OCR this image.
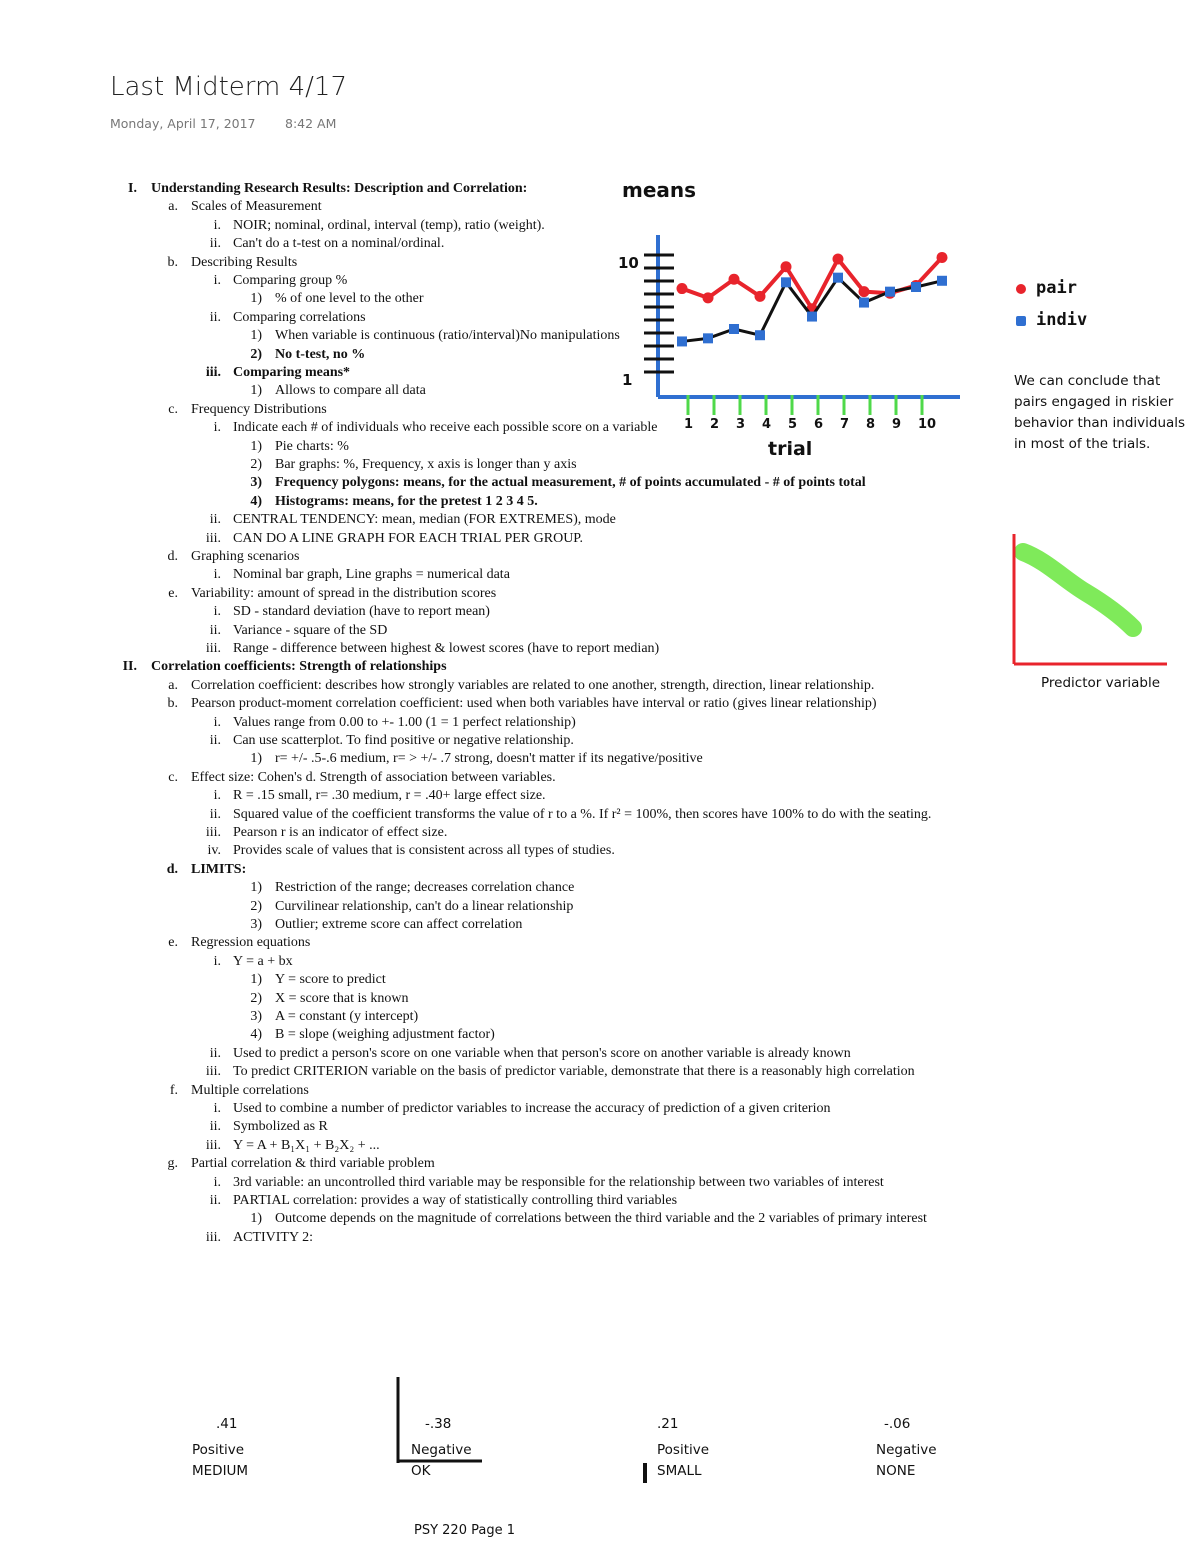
Last Midterm 4/17
Monday, April 17, 2017 8:42 AM
I. Understanding Research Results: Description and Correlation:
a. Scales of Measurement
i. NOIR; nominal, ordinal, interval (temp), ratio (weight).
ii. Can't do a t-test on a nominal/ordinal.
b. Describing Results
i. Comparing group %
1) % of one level to the other
ii. Comparing correlations
1) When variable is continuous (ratio/interval)No manipulations
2) No t-test, no %
iii. Comparing means*
1) Allows to compare all data
c. Frequency Distributions
i. Indicate each # of individuals who receive each possible score on a variable
1) Pie charts: %
2) Bar graphs: %, Frequency, x axis is longer than y axis
3) Frequency polygons: means, for the actual measurement, # of points accumulated - # of points total
4) Histograms: means, for the pretest 1 2 3 4 5.
ii. CENTRAL TENDENCY: mean, median (FOR EXTREMES), mode
iii. CAN DO A LINE GRAPH FOR EACH TRIAL PER GROUP.
d. Graphing scenarios
i. Nominal bar graph, Line graphs = numerical data
e. Variability: amount of spread in the distribution scores
i. SD - standard deviation (have to report mean)
ii. Variance - square of the SD
iii. Range - difference between highest & lowest scores (have to report median)
II. Correlation coefficients: Strength of relationships
a. Correlation coefficient: describes how strongly variables are related to one another, strength, direction, linear relationship.
b. Pearson product-moment correlation coefficient: used when both variables have interval or ratio (gives linear relationship)
i. Values range from 0.00 to +- 1.00 (1 = 1 perfect relationship)
ii. Can use scatterplot. To find positive or negative relationship.
1) r= +/- .5-.6 medium, r= > +/- .7 strong, doesn't matter if its negative/positive
c. Effect size: Cohen's d. Strength of association between variables.
i. R = .15 small, r= .30 medium, r = .40+ large effect size.
ii. Squared value of the coefficient transforms the value of r to a %. If r² = 100%, then scores have 100% to do with the seating.
iii. Pearson r is an indicator of effect size.
iv. Provides scale of values that is consistent across all types of studies.
d. LIMITS:
1) Restriction of the range; decreases correlation chance
2) Curvilinear relationship, can't do a linear relationship
3) Outlier; extreme score can affect correlation
e. Regression equations
i. Y = a + bx
1) Y = score to predict
2) X = score that is known
3) A = constant (y intercept)
4) B = slope (weighing adjustment factor)
ii. Used to predict a person's score on one variable when that person's score on another variable is already known
iii. To predict CRITERION variable on the basis of predictor variable, demonstrate that there is a reasonably high correlation
f. Multiple correlations
i. Used to combine a number of predictor variables to increase the accuracy of prediction of a given criterion
ii. Symbolized as R
iii. Y = A + B₁X₁ + B₂X₂ + ...
g. Partial correlation & third variable problem
i. 3rd variable: an uncontrolled third variable may be responsible for the relationship between two variables of interest
ii. PARTIAL correlation: provides a way of statistically controlling third variables
1) Outcome depends on the magnitude of correlations between the third variable and the 2 variables of primary interest
iii. ACTIVITY 2:
10
1
means
1 2 3 4 5 6 7 8 9 10
trial
pair
indiv
We can conclude that pairs engaged in riskier behavior than individuals in most of the trials.
Predictor variable
.41
Positive
MEDIUM
-.38
Negative
OK
.21
Positive
SMALL
-.06
Negative
NONE
PSY 220 Page 1
